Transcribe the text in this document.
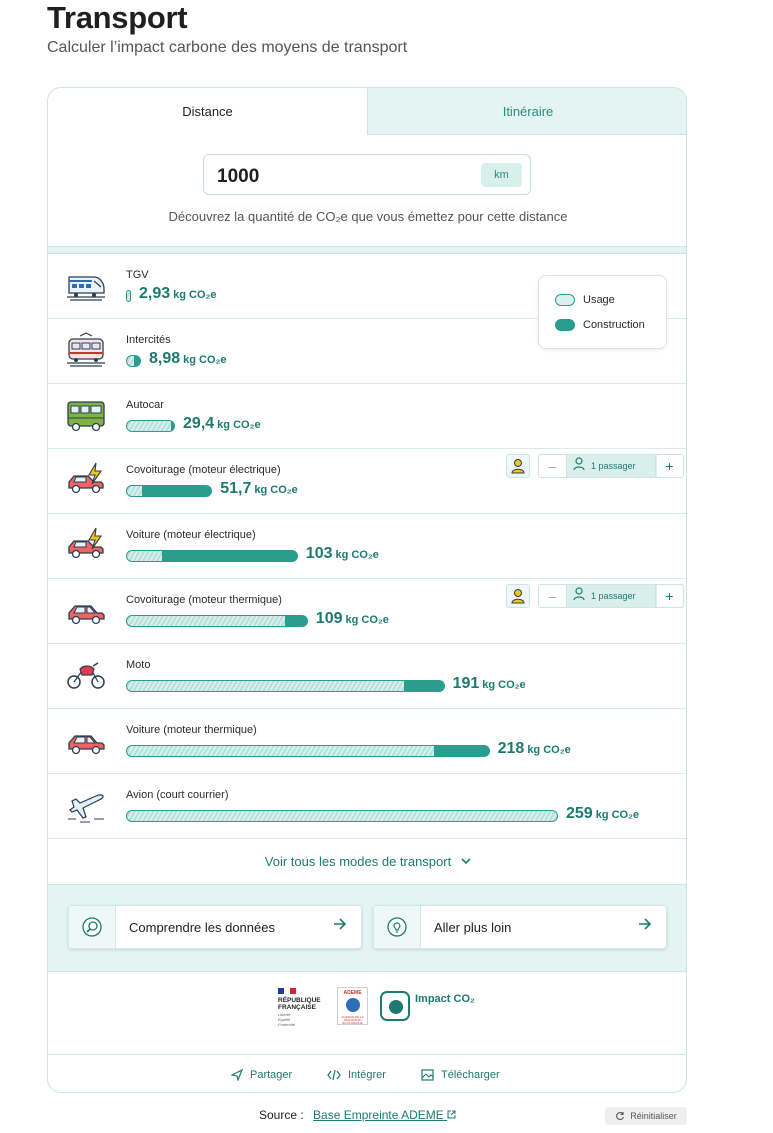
Transport
Calculer l’impact carbone des moyens de transport
Distance	Itinéraire
1000	km
Découvrez la quantité de CO₂e que vous émettez pour cette distance
Usage
Construction
TGV
2,93 kg CO₂e
Intercités
8,98 kg CO₂e
Autocar
29,4 kg CO₂e
Covoiturage (moteur électrique)
51,7 kg CO₂e
–	1 passager	+
Voiture (moteur électrique)
103 kg CO₂e
Covoiturage (moteur thermique)
109 kg CO₂e
–	1 passager	+
Moto
191 kg CO₂e
Voiture (moteur thermique)
218 kg CO₂e
Avion (court courrier)
259 kg CO₂e
Voir tous les modes de transport
Comprendre les données	Aller plus loin
RÉPUBLIQUE FRANÇAISE
Liberté Égalité Fraternité
ADEME
AGENCE DE LA TRANSITION ÉCOLOGIQUE
Impact CO₂
Partager	Intégrer	Télécharger
Source : Base Empreinte ADEME	Réinitialiser
